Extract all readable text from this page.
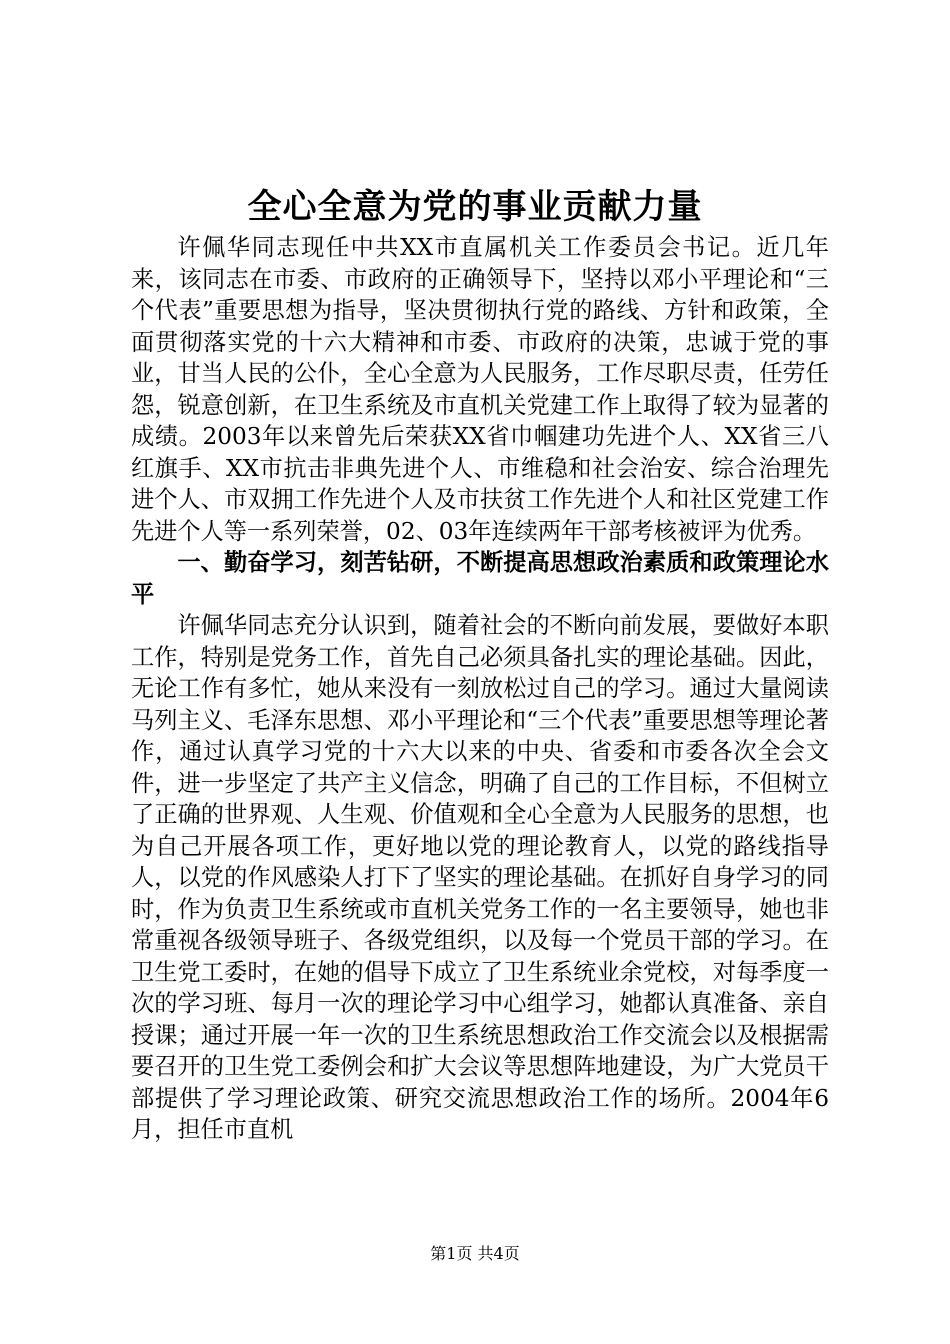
全心全意为党的事业贡献力量

许佩华同志现任中共XX市直属机关工作委员会书记。近几年来，该同志在市委、市政府的正确领导下，坚持以邓小平理论和“三个代表”重要思想为指导，坚决贯彻执行党的路线、方针和政策，全面贯彻落实党的十六大精神和市委、市政府的决策，忠诚于党的事业，甘当人民的公仆，全心全意为人民服务，工作尽职尽责，任劳任怨，锐意创新，在卫生系统及市直机关党建工作上取得了较为显著的成绩。2003年以来曾先后荣获XX省巾帼建功先进个人、XX省三八红旗手、XX市抗击非典先进个人、市维稳和社会治安、综合治理先进个人、市双拥工作先进个人及市扶贫工作先进个人和社区党建工作先进个人等一系列荣誉，02、03年连续两年干部考核被评为优秀。

一、勤奋学习，刻苦钻研，不断提高思想政治素质和政策理论水平

许佩华同志充分认识到，随着社会的不断向前发展，要做好本职工作，特别是党务工作，首先自己必须具备扎实的理论基础。因此，无论工作有多忙，她从来没有一刻放松过自己的学习。通过大量阅读马列主义、毛泽东思想、邓小平理论和“三个代表”重要思想等理论著作，通过认真学习党的十六大以来的中央、省委和市委各次全会文件，进一步坚定了共产主义信念，明确了自己的工作目标，不但树立了正确的世界观、人生观、价值观和全心全意为人民服务的思想，也为自己开展各项工作，更好地以党的理论教育人，以党的路线指导人，以党的作风感染人打下了坚实的理论基础。在抓好自身学习的同时，作为负责卫生系统或市直机关党务工作的一名主要领导，她也非常重视各级领导班子、各级党组织，以及每一个党员干部的学习。在卫生党工委时，在她的倡导下成立了卫生系统业余党校，对每季度一次的学习班、每月一次的理论学习中心组学习，她都认真准备、亲自授课；通过开展一年一次的卫生系统思想政治工作交流会以及根据需要召开的卫生党工委例会和扩大会议等思想阵地建设，为广大党员干部提供了学习理论政策、研究交流思想政治工作的场所。2004年6月，担任市直机

第1页 共4页
